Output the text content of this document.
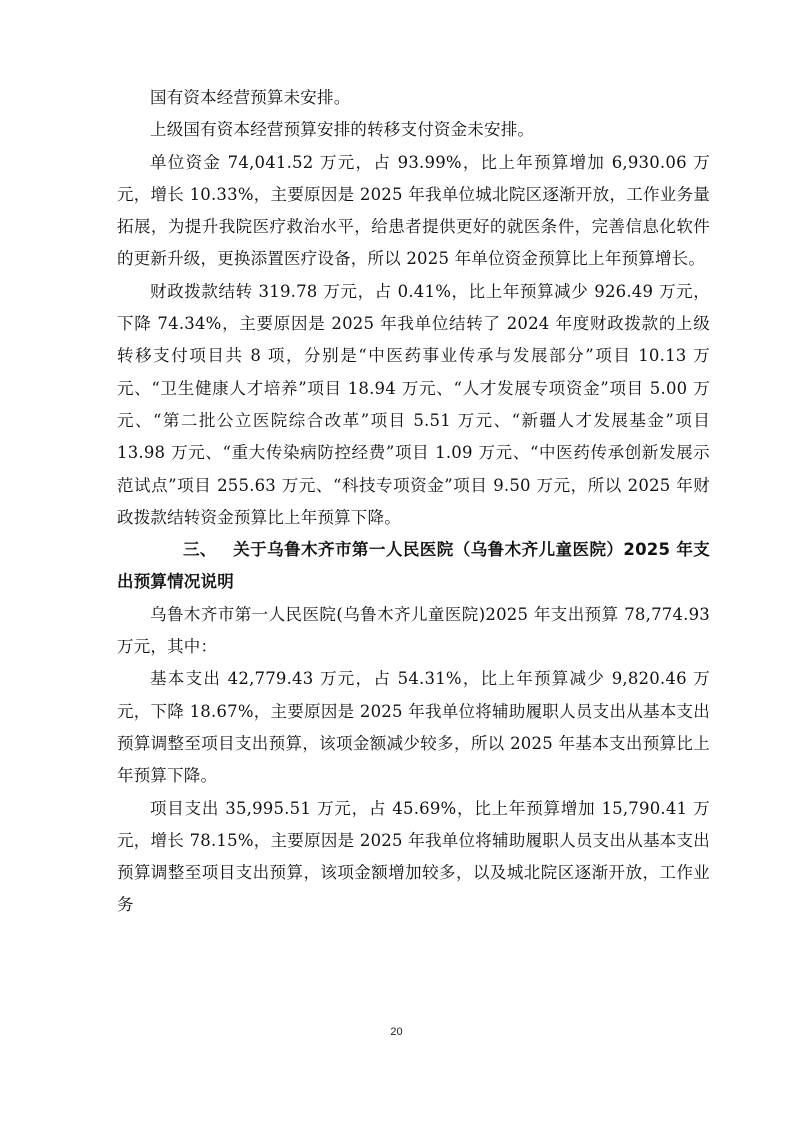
国有资本经营预算未安排。

上级国有资本经营预算安排的转移支付资金未安排。

单位资金 74,041.52 万元，占 93.99%，比上年预算增加 6,930.06 万元，增长 10.33%，主要原因是 2025 年我单位城北院区逐渐开放，工作业务量拓展，为提升我院医疗救治水平，给患者提供更好的就医条件，完善信息化软件的更新升级，更换添置医疗设备，所以 2025 年单位资金预算比上年预算增长。

财政拨款结转 319.78 万元，占 0.41%，比上年预算减少 926.49 万元，下降 74.34%，主要原因是 2025 年我单位结转了 2024 年度财政拨款的上级转移支付项目共 8 项，分别是“中医药事业传承与发展部分”项目 10.13 万元、“卫生健康人才培养”项目 18.94 万元、“人才发展专项资金”项目 5.00 万元、“第二批公立医院综合改革”项目 5.51 万元、“新疆人才发展基金”项目 13.98 万元、“重大传染病防控经费”项目 1.09 万元、“中医药传承创新发展示范试点”项目 255.63 万元、“科技专项资金”项目 9.50 万元，所以 2025 年财政拨款结转资金预算比上年预算下降。

三、 关于乌鲁木齐市第一人民医院（乌鲁木齐儿童医院）2025 年支出预算情况说明

乌鲁木齐市第一人民医院(乌鲁木齐儿童医院)2025 年支出预算 78,774.93 万元，其中：

基本支出 42,779.43 万元，占 54.31%，比上年预算减少 9,820.46 万元，下降 18.67%，主要原因是 2025 年我单位将辅助履职人员支出从基本支出预算调整至项目支出预算，该项金额减少较多，所以 2025 年基本支出预算比上年预算下降。

项目支出 35,995.51 万元，占 45.69%，比上年预算增加 15,790.41 万元，增长 78.15%，主要原因是 2025 年我单位将辅助履职人员支出从基本支出预算调整至项目支出预算，该项金额增加较多，以及城北院区逐渐开放，工作业务

20
